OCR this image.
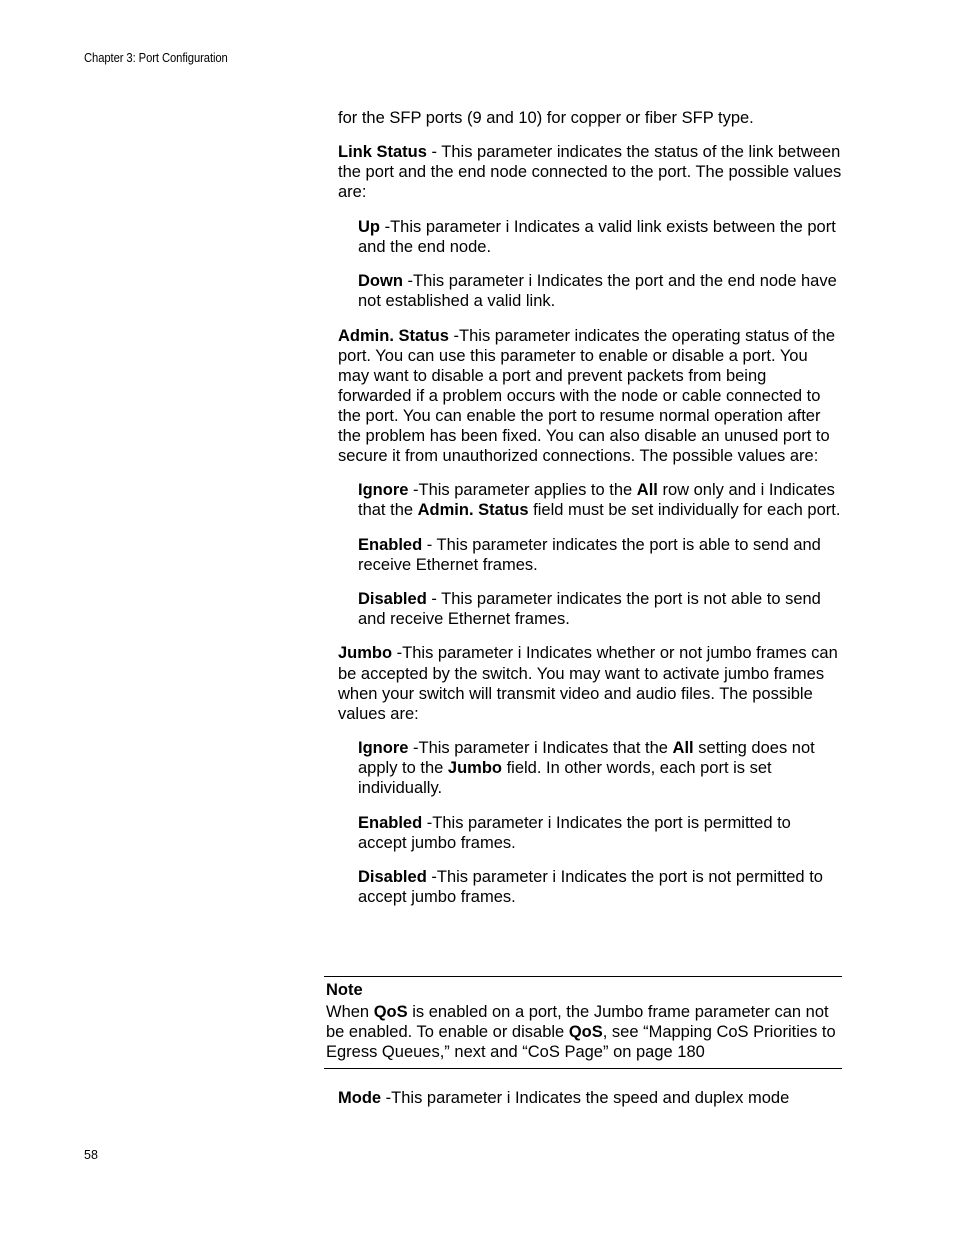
Chapter 3: Port Configuration

for the SFP ports (9 and 10) for copper or fiber SFP type.

Link Status - This parameter indicates the status of the link between the port and the end node connected to the port. The possible values are:

Up -This parameter i Indicates a valid link exists between the port and the end node.

Down -This parameter i Indicates the port and the end node have not established a valid link.

Admin. Status -This parameter indicates the operating status of the port. You can use this parameter to enable or disable a port. You may want to disable a port and prevent packets from being forwarded if a problem occurs with the node or cable connected to the port. You can enable the port to resume normal operation after the problem has been fixed. You can also disable an unused port to secure it from unauthorized connections. The possible values are:

Ignore -This parameter applies to the All row only and i Indicates that the Admin. Status field must be set individually for each port.

Enabled - This parameter indicates the port is able to send and receive Ethernet frames.

Disabled - This parameter indicates the port is not able to send and receive Ethernet frames.

Jumbo -This parameter i Indicates whether or not jumbo frames can be accepted by the switch. You may want to activate jumbo frames when your switch will transmit video and audio files. The possible values are:

Ignore -This parameter i Indicates that the All setting does not apply to the Jumbo field. In other words, each port is set individually.

Enabled -This parameter i Indicates the port is permitted to accept jumbo frames.

Disabled -This parameter i Indicates the port is not permitted to accept jumbo frames.

Note
When QoS is enabled on a port, the Jumbo frame parameter can not be enabled. To enable or disable QoS, see “Mapping CoS Priorities to Egress Queues,” next and “CoS Page” on page 180

Mode -This parameter i Indicates the speed and duplex mode

58
